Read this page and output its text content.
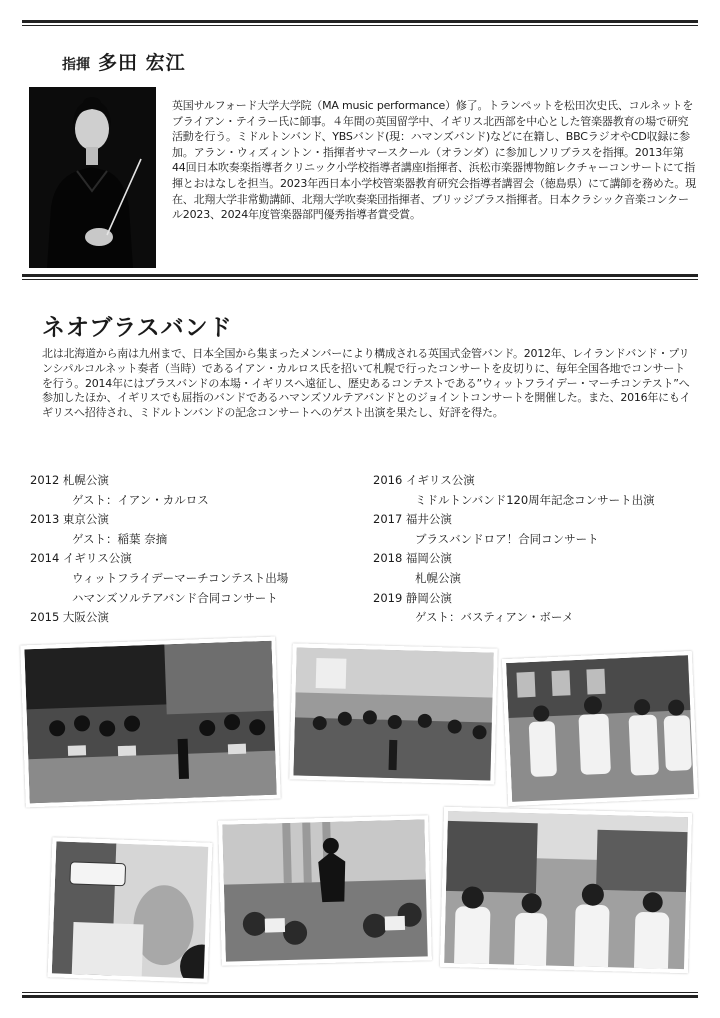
指揮 多田 宏江
英国サルフォード大学大学院（MA music performance）修了。トランペットを松田次史氏、コルネットをブライアン・テイラー氏に師事。４年間の英国留学中、イギリス北西部を中心とした管楽器教育の場で研究活動を行う。ミドルトンバンド、YBSバンド(現：ハマンズバンド)などに在籍し、BBCラジオやCD収録に参加。アラン・ウィズィントン・指揮者サマースクール（オランダ）に参加しソリブラスを指揮。2013年第44回日本吹奏楽指導者クリニック小学校指導者講座I指揮者、浜松市楽器博物館レクチャーコンサートにて指揮とおはなしを担当。2023年西日本小学校管楽器教育研究会指導者講習会（徳島県）にて講師を務めた。現在、北翔大学非常勤講師、北翔大学吹奏楽団指揮者、ブリッジブラス指揮者。日本クラシック音楽コンクール2023、2024年度管楽器部門優秀指導者賞受賞。
ネオブラスバンド
北は北海道から南は九州まで、日本全国から集まったメンバーにより構成される英国式金管バンド。2012年、レイランドバンド・プリンシパルコルネット奏者（当時）であるイアン・カルロス氏を招いて札幌で行ったコンサートを皮切りに、毎年全国各地でコンサートを行う。2014年にはブラスバンドの本場・イギリスへ遠征し、歴史あるコンテストである”ウィットフライデー・マーチコンテスト”へ参加したほか、イギリスでも屈指のバンドであるハマンズソルテアバンドとのジョイントコンサートを開催した。また、2016年にもイギリスへ招待され、ミドルトンバンドの記念コンサートへのゲスト出演を果たし、好評を得た。
2012 札幌公演
ゲスト：イアン・カルロス
2013 東京公演
ゲスト：稲葉 奈摘
2014 イギリス公演
ウィットフライデーマーチコンテスト出場
ハマンズソルテアバンド合同コンサート
2015 大阪公演
2016 イギリス公演
ミドルトンバンド120周年記念コンサート出演
2017 福井公演
ブラスバンドロア！合同コンサート
2018 福岡公演
札幌公演
2019 静岡公演
ゲスト：バスティアン・ボーメ
